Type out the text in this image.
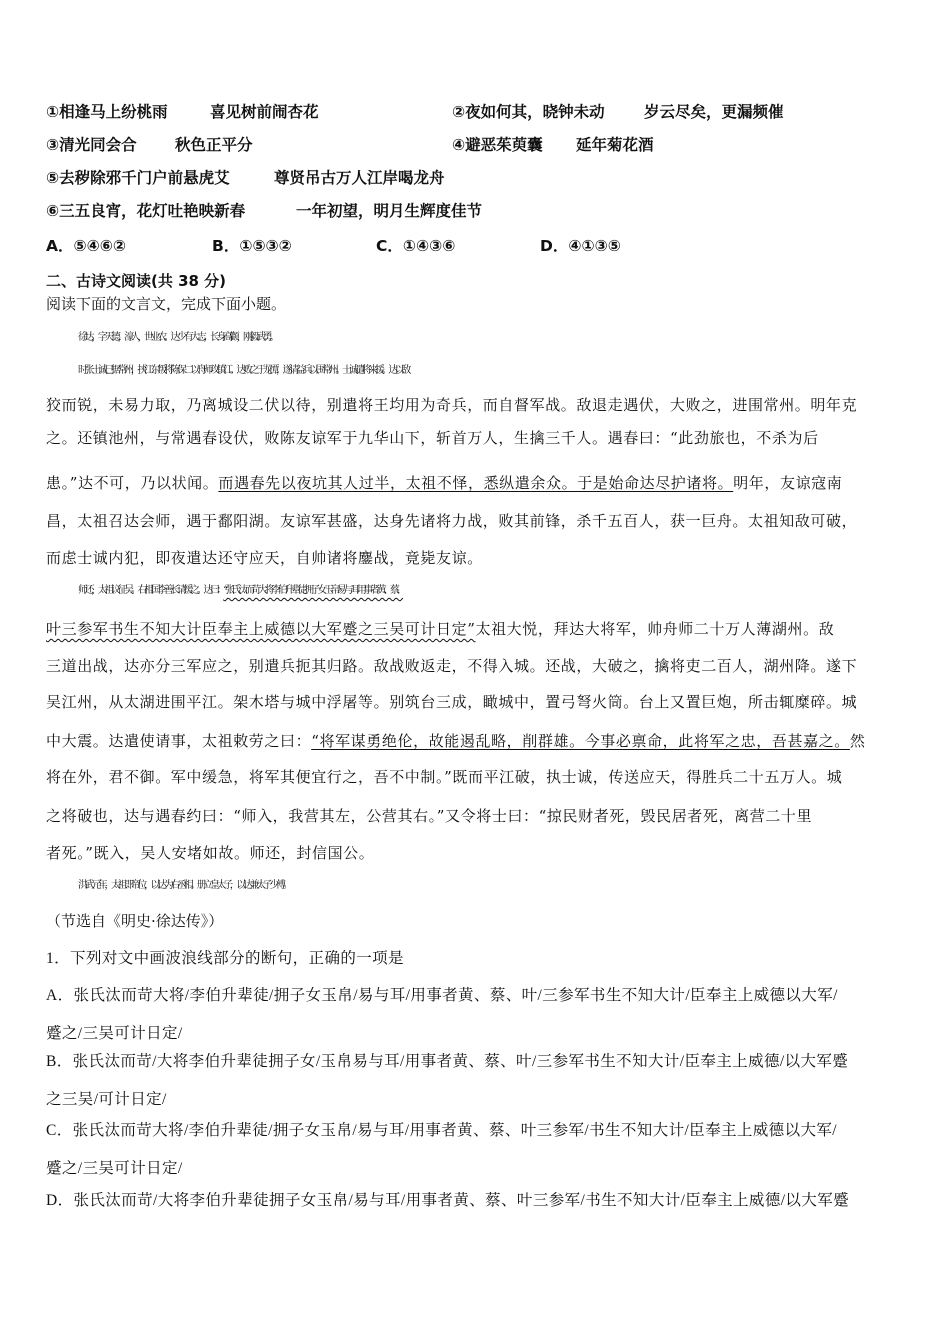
①相逢马上纷桃雨	喜见树前闹杏花	②夜如何其，晓钟未动	岁云尽矣，更漏频催
③清光同会合 秋色正平分	④避恶茱萸囊 延年菊花酒
⑤去秽除邪千门户前悬虎艾	尊贤吊古万人江岸喝龙舟
⑥三五良宵，花灯吐艳映新春	一年初望，明月生辉度佳节
A．⑤④⑥②	B．①⑤③②	C．①④③⑥	D．④①③⑤
二、古诗文阅读(共 38 分)
阅读下面的文言文，完成下面小题。
徐达，字天德，濠人，世业农。达少有大志，长身高颧，刚毅武勇。
时张士诚已据常州，挟江东叛将陈保二以舟师攻镇江。达败之于龙潭，遂请益兵以围常州。士诚遣将来援。达以敌
狡而锐，未易力取，乃离城设二伏以待，别遣将王均用为奇兵，而自督军战。敌退走遇伏，大败之，进围常州。明年克
之。还镇池州，与常遇春设伏，败陈友谅军于九华山下，斩首万人，生擒三千人。遇春曰：“此劲旅也，不杀为后
患。”达不可，乃以状闻。而遇春先以夜坑其人过半，太祖不怿，悉纵遣余众。于是始命达尽护诸将。明年，友谅寇南
昌，太祖召达会师，遇于鄱阳湖。友谅军甚盛，达身先诸将力战，败其前锋，杀千五百人，获一巨舟。太祖知敌可破，
而虑士诚内犯，即夜遣达还守应天，自帅诸将鏖战，竟毙友谅。
师还，太祖议征吴。右相国李善长请缓之。达曰：“张氏汰而苛大将李伯升辈徒拥子女玉帛易与耳用事者黄、蔡、
叶三参军书生不知大计臣奉主上威德以大军蹙之三吴可计日定”太祖大悦，拜达大将军，帅舟师二十万人薄湖州。敌
三道出战，达亦分三军应之，别遣兵扼其归路。敌战败返走，不得入城。还战，大破之，擒将吏二百人，湖州降。遂下
吴江州，从太湖进围平江。架木塔与城中浮屠等。别筑台三成，瞰城中，置弓弩火筒。台上又置巨炮，所击辄糜碎。城
中大震。达遣使请事，太祖敕劳之曰：“将军谋勇绝伦，故能遏乱略，削群雄。今事必禀命，此将军之忠，吾甚嘉之。然
将在外，君不御。军中缓急，将军其便宜行之，吾不中制。”既而平江破，执士诚，传送应天，得胜兵二十五万人。城
之将破也，达与遇春约曰：“师入，我营其左，公营其右。”又令将士曰：“掠民财者死，毁民居者死，离营二十里
者死。”既入，吴人安堵如故。师还，封信国公。
洪武元年，太祖即帝位，以达为右丞相。册立皇太子，以达兼太子少傅。
（节选自《明史·徐达传》）
1．下列对文中画波浪线部分的断句，正确的一项是
A．张氏汰而苛大将/李伯升辈徒/拥子女玉帛/易与耳/用事者黄、蔡、叶/三参军书生不知大计/臣奉主上威德以大军/
蹙之/三吴可计日定/
B．张氏汰而苛/大将李伯升辈徒拥子女/玉帛易与耳/用事者黄、蔡、叶/三参军书生不知大计/臣奉主上威德/以大军蹙
之三吴/可计日定/
C．张氏汰而苛大将/李伯升辈徒/拥子女玉帛/易与耳/用事者黄、蔡、叶三参军/书生不知大计/臣奉主上威德以大军/
蹙之/三吴可计日定/
D．张氏汰而苛/大将李伯升辈徒拥子女玉帛/易与耳/用事者黄、蔡、叶三参军/书生不知大计/臣奉主上威德/以大军蹙
